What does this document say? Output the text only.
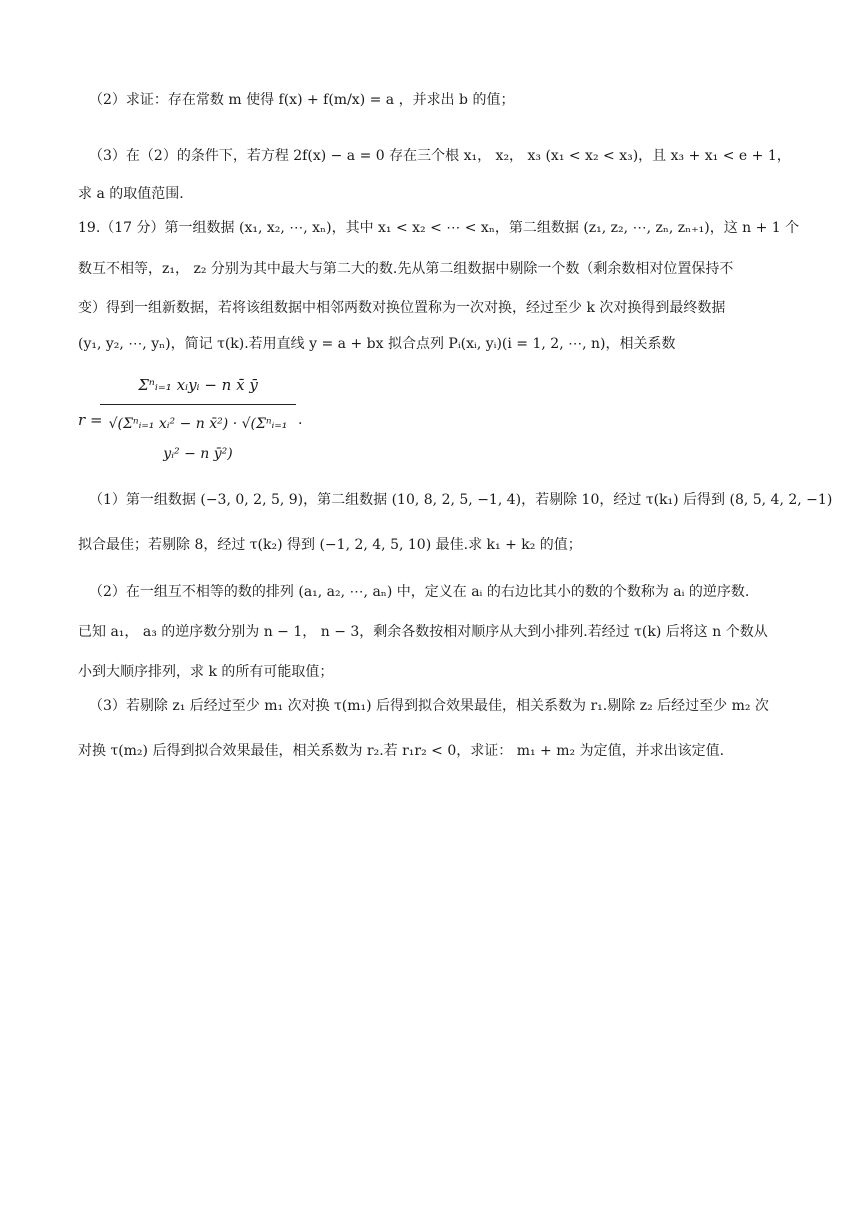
（2）求证：存在常数 m 使得 f(x) + f(m/x) = a ，并求出 b 的值；
（3）在（2）的条件下，若方程 2f(x) − a = 0 存在三个根 x₁， x₂， x₃ (x₁ < x₂ < x₃)，且 x₃ + x₁ < e + 1，
求 a 的取值范围.
19.（17 分）第一组数据 (x₁, x₂, ⋯, xₙ)，其中 x₁ < x₂ < ⋯ < xₙ，第二组数据 (z₁, z₂, ⋯, zₙ, zₙ₊₁)，这 n + 1 个
数互不相等，z₁， z₂ 分别为其中最大与第二大的数.先从第二组数据中剔除一个数（剩余数相对位置保持不
变）得到一组新数据，若将该组数据中相邻两数对换位置称为一次对换，经过至少 k 次对换得到最终数据
(y₁, y₂, ⋯, yₙ)，简记 τ(k).若用直线 y = a + bx 拟合点列 Pᵢ(xᵢ, yᵢ)(i = 1, 2, ⋯, n)，相关系数
r =
Σⁿᵢ₌₁ xᵢyᵢ − n x̄ ȳ
√(Σⁿᵢ₌₁ xᵢ² − n x̄²) · √(Σⁿᵢ₌₁ yᵢ² − n ȳ²)
.
（1）第一组数据 (−3, 0, 2, 5, 9)，第二组数据 (10, 8, 2, 5, −1, 4)，若剔除 10，经过 τ(k₁) 后得到 (8, 5, 4, 2, −1)
拟合最佳；若剔除 8，经过 τ(k₂) 得到 (−1, 2, 4, 5, 10) 最佳.求 k₁ + k₂ 的值；
（2）在一组互不相等的数的排列 (a₁, a₂, ⋯, aₙ) 中，定义在 aᵢ 的右边比其小的数的个数称为 aᵢ 的逆序数.
已知 a₁， a₃ 的逆序数分别为 n − 1， n − 3，剩余各数按相对顺序从大到小排列.若经过 τ(k) 后将这 n 个数从
小到大顺序排列，求 k 的所有可能取值；
（3）若剔除 z₁ 后经过至少 m₁ 次对换 τ(m₁) 后得到拟合效果最佳，相关系数为 r₁.剔除 z₂ 后经过至少 m₂ 次
对换 τ(m₂) 后得到拟合效果最佳，相关系数为 r₂.若 r₁r₂ < 0，求证： m₁ + m₂ 为定值，并求出该定值.
